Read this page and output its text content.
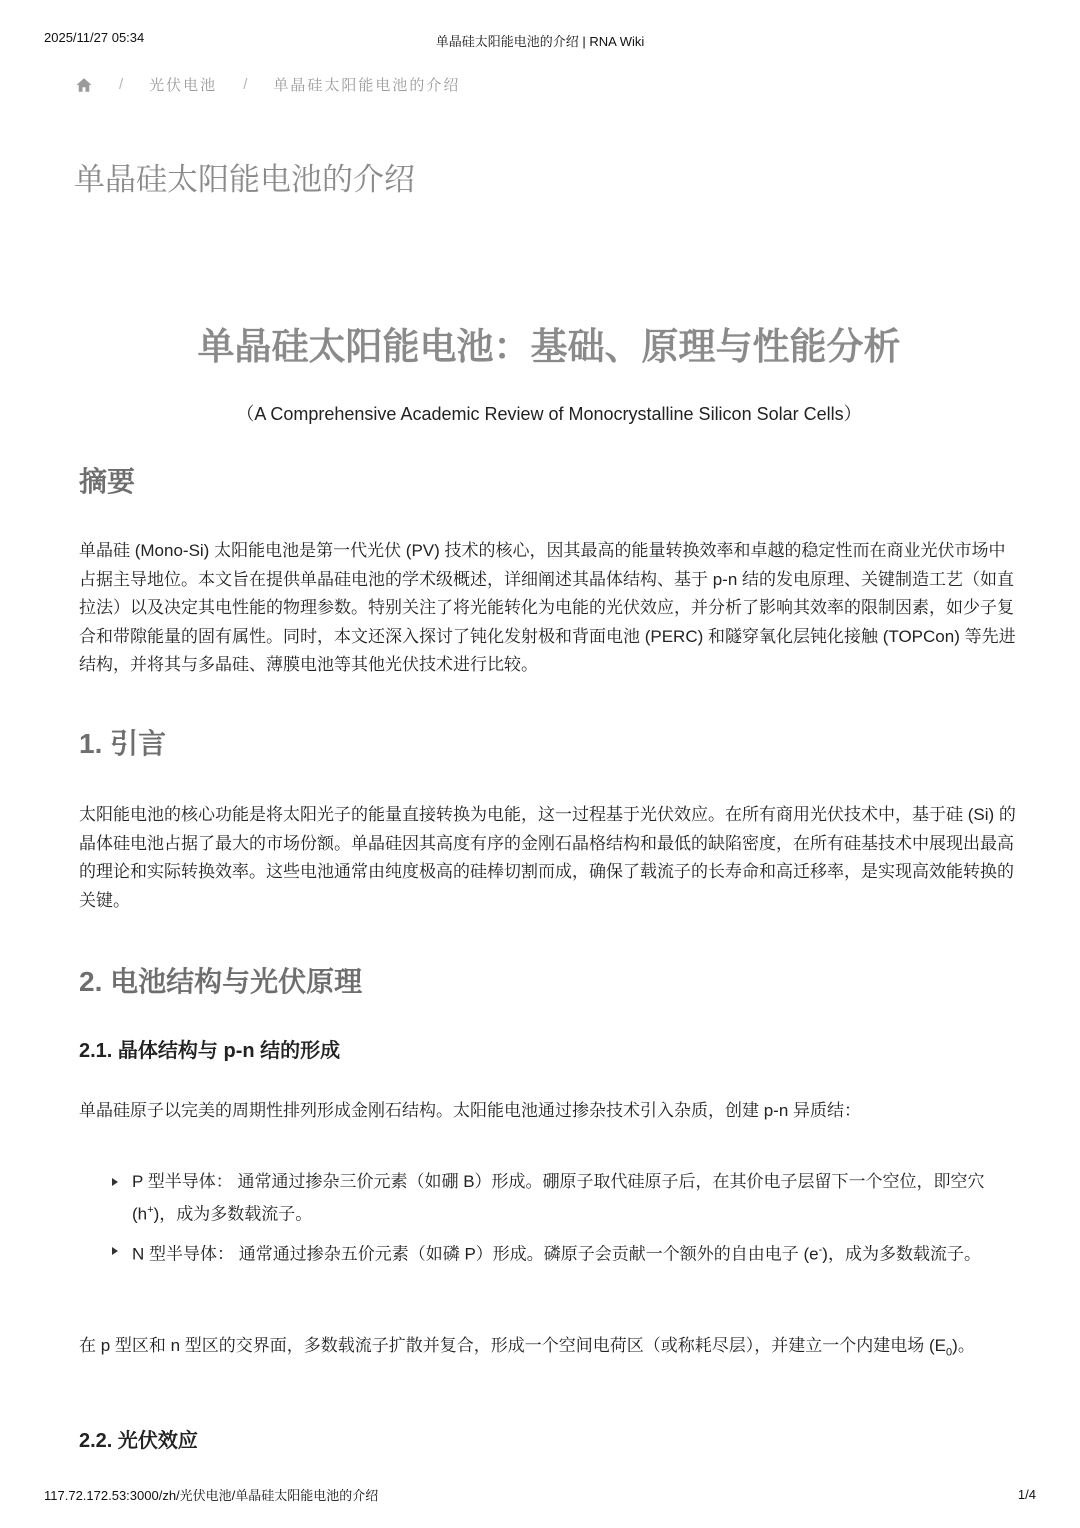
2025/11/27 05:34	单晶硅太阳能电池的介绍 | RNA Wiki
/ 光伏电池 / 单晶硅太阳能电池的介绍
单晶硅太阳能电池的介绍
单晶硅太阳能电池：基础、原理与性能分析
（A Comprehensive Academic Review of Monocrystalline Silicon Solar Cells）
摘要

单晶硅 (Mono-Si) 太阳能电池是第一代光伏 (PV) 技术的核心，因其最高的能量转换效率和卓越的稳定性而在商业光伏市场中占据主导地位。本文旨在提供单晶硅电池的学术级概述，详细阐述其晶体结构、基于 p-n 结的发电原理、关键制造工艺（如直拉法）以及决定其电性能的物理参数。特别关注了将光能转化为电能的光伏效应，并分析了影响其效率的限制因素，如少子复合和带隙能量的固有属性。同时，本文还深入探讨了钝化发射极和背面电池 (PERC) 和隧穿氧化层钝化接触 (TOPCon) 等先进结构，并将其与多晶硅、薄膜电池等其他光伏技术进行比较。

1. 引言

太阳能电池的核心功能是将太阳光子的能量直接转换为电能，这一过程基于光伏效应。在所有商用光伏技术中，基于硅 (Si) 的晶体硅电池占据了最大的市场份额。单晶硅因其高度有序的金刚石晶格结构和最低的缺陷密度，在所有硅基技术中展现出最高的理论和实际转换效率。这些电池通常由纯度极高的硅棒切割而成，确保了载流子的长寿命和高迁移率，是实现高效能转换的关键。

2. 电池结构与光伏原理
2.1. 晶体结构与 p-n 结的形成

单晶硅原子以完美的周期性排列形成金刚石结构。太阳能电池通过掺杂技术引入杂质，创建 p-n 异质结：

在 p 型区和 n 型区的交界面，多数载流子扩散并复合，形成一个空间电荷区（或称耗尽层），并建立一个内建电场 $(E_0)$。

2.2. 光伏效应
P 型半导体： 通常通过掺杂三价元素（如硼 B）形成。硼原子取代硅原子后，在其价电子层留下一个空位，即空穴 (h+)，成为多数载流子。
N 型半导体： 通常通过掺杂五价元素（如磷 P）形成。磷原子会贡献一个额外的自由电子 (e-)，成为多数载流子。
117.72.172.53:3000/zh/光伏电池/单晶硅太阳能电池的介绍	1/4
